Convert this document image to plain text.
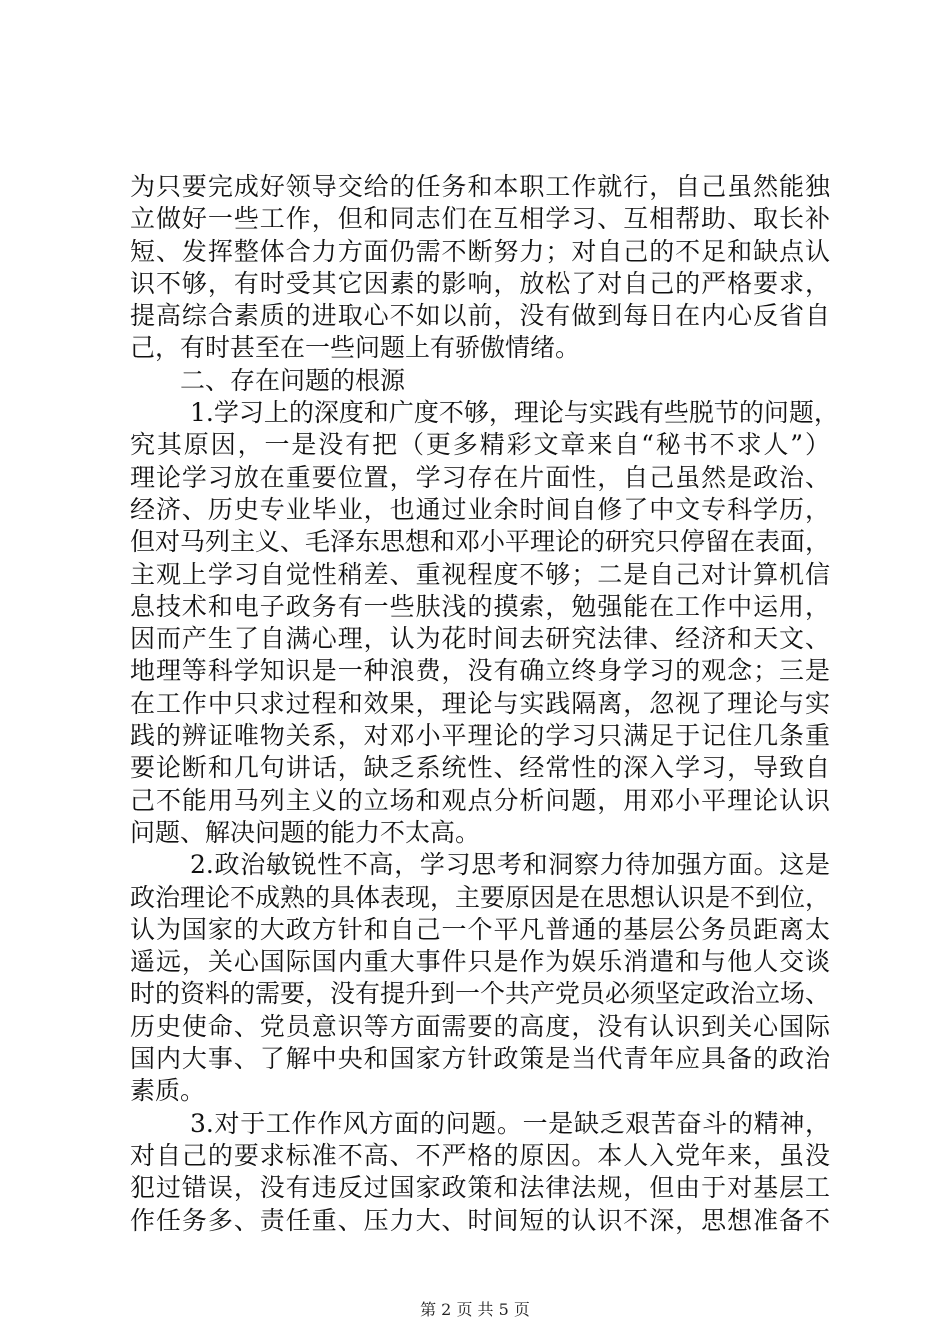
为只要完成好领导交给的任务和本职工作就行，自己虽然能独
立做好一些工作，但和同志们在互相学习、互相帮助、取长补
短、发挥整体合力方面仍需不断努力；对自己的不足和缺点认
识不够，有时受其它因素的影响，放松了对自己的严格要求，
提高综合素质的进取心不如以前，没有做到每日在内心反省自
己，有时甚至在一些问题上有骄傲情绪。
二、存在问题的根源
1.学习上的深度和广度不够，理论与实践有些脱节的问题，
究其原因，一是没有把（更多精彩文章来自“秘书不求人”）
理论学习放在重要位置，学习存在片面性，自己虽然是政治、
经济、历史专业毕业，也通过业余时间自修了中文专科学历，
但对马列主义、毛泽东思想和邓小平理论的研究只停留在表面，
主观上学习自觉性稍差、重视程度不够；二是自己对计算机信
息技术和电子政务有一些肤浅的摸索，勉强能在工作中运用，
因而产生了自满心理，认为花时间去研究法律、经济和天文、
地理等科学知识是一种浪费，没有确立终身学习的观念；三是
在工作中只求过程和效果，理论与实践隔离，忽视了理论与实
践的辨证唯物关系，对邓小平理论的学习只满足于记住几条重
要论断和几句讲话，缺乏系统性、经常性的深入学习，导致自
己不能用马列主义的立场和观点分析问题，用邓小平理论认识
问题、解决问题的能力不太高。
2.政治敏锐性不高，学习思考和洞察力待加强方面。这是
政治理论不成熟的具体表现，主要原因是在思想认识是不到位，
认为国家的大政方针和自己一个平凡普通的基层公务员距离太
遥远，关心国际国内重大事件只是作为娱乐消遣和与他人交谈
时的资料的需要，没有提升到一个共产党员必须坚定政治立场、
历史使命、党员意识等方面需要的高度，没有认识到关心国际
国内大事、了解中央和国家方针政策是当代青年应具备的政治
素质。
3.对于工作作风方面的问题。一是缺乏艰苦奋斗的精神，
对自己的要求标准不高、不严格的原因。本人入党年来，虽没
犯过错误，没有违反过国家政策和法律法规，但由于对基层工
作任务多、责任重、压力大、时间短的认识不深，思想准备不
第 2 页 共 5 页
